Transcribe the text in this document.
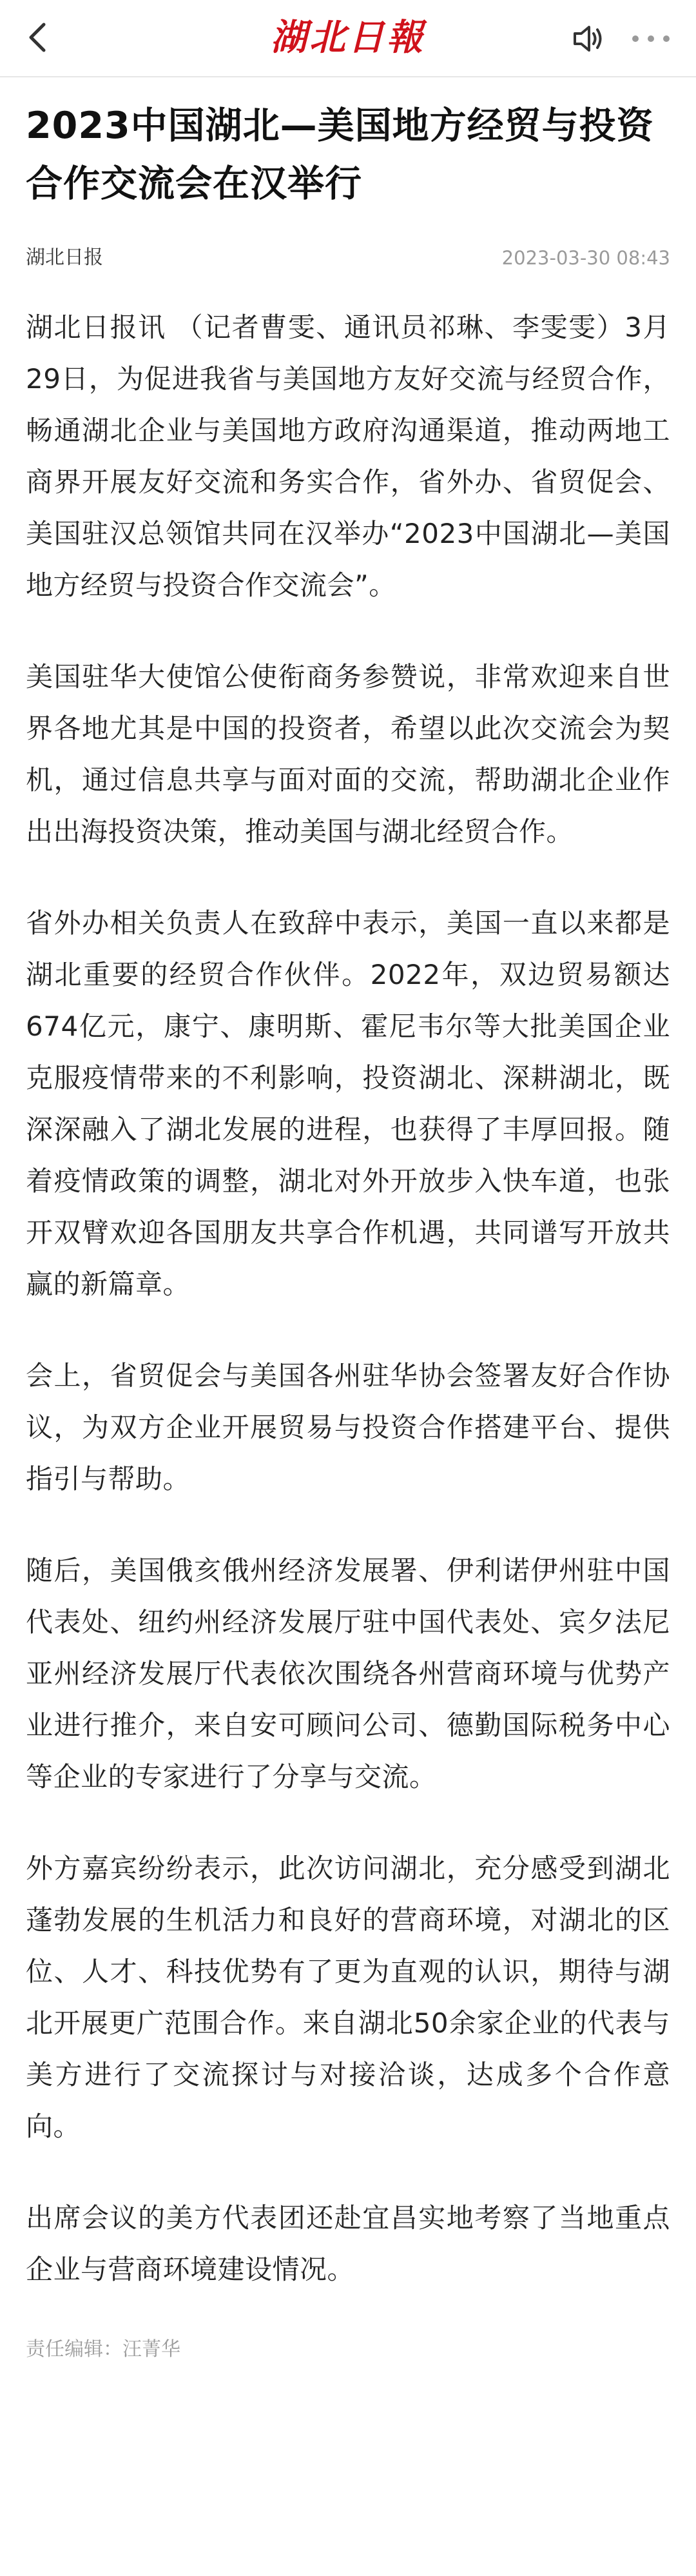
湖北日報
2023中国湖北—美国地方经贸与投资合作交流会在汉举行
湖北日报	2023-03-30 08:43

湖北日报讯 （记者曹雯、通讯员祁琳、李雯雯）3月29日，为促进我省与美国地方友好交流与经贸合作，畅通湖北企业与美国地方政府沟通渠道，推动两地工商界开展友好交流和务实合作，省外办、省贸促会、美国驻汉总领馆共同在汉举办“2023中国湖北—美国地方经贸与投资合作交流会”。

美国驻华大使馆公使衔商务参赞说，非常欢迎来自世界各地尤其是中国的投资者，希望以此次交流会为契机，通过信息共享与面对面的交流，帮助湖北企业作出出海投资决策，推动美国与湖北经贸合作。

省外办相关负责人在致辞中表示，美国一直以来都是湖北重要的经贸合作伙伴。2022年，双边贸易额达674亿元，康宁、康明斯、霍尼韦尔等大批美国企业克服疫情带来的不利影响，投资湖北、深耕湖北，既深深融入了湖北发展的进程，也获得了丰厚回报。随着疫情政策的调整，湖北对外开放步入快车道，也张开双臂欢迎各国朋友共享合作机遇，共同谱写开放共赢的新篇章。

会上，省贸促会与美国各州驻华协会签署友好合作协议，为双方企业开展贸易与投资合作搭建平台、提供指引与帮助。

随后，美国俄亥俄州经济发展署、伊利诺伊州驻中国代表处、纽约州经济发展厅驻中国代表处、宾夕法尼亚州经济发展厅代表依次围绕各州营商环境与优势产业进行推介，来自安可顾问公司、德勤国际税务中心等企业的专家进行了分享与交流。

外方嘉宾纷纷表示，此次访问湖北，充分感受到湖北蓬勃发展的生机活力和良好的营商环境，对湖北的区位、人才、科技优势有了更为直观的认识，期待与湖北开展更广范围合作。来自湖北50余家企业的代表与美方进行了交流探讨与对接洽谈，达成多个合作意向。

出席会议的美方代表团还赴宜昌实地考察了当地重点企业与营商环境建设情况。

责任编辑：汪菁华
